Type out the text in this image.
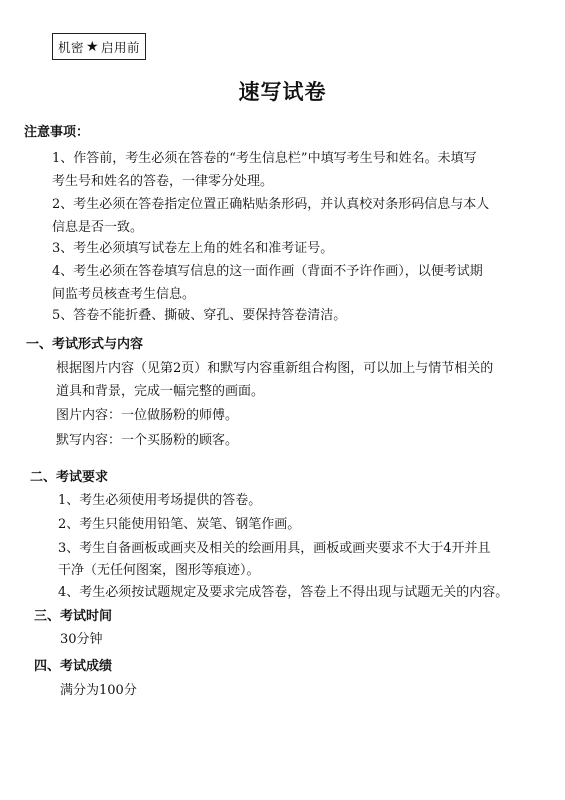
机密 ★ 启用前
速写试卷
注意事项：
1、作答前，考生必须在答卷的“考生信息栏”中填写考生号和姓名。未填写
考生号和姓名的答卷，一律零分处理。
2、考生必须在答卷指定位置正确粘贴条形码，并认真校对条形码信息与本人
信息是否一致。
3、考生必须填写试卷左上角的姓名和准考证号。
4、考生必须在答卷填写信息的这一面作画（背面不予许作画），以便考试期
间监考员核查考生信息。
5、答卷不能折叠、撕破、穿孔、要保持答卷清洁。
一、考试形式与内容
根据图片内容（见第2页）和默写内容重新组合构图，可以加上与情节相关的
道具和背景，完成一幅完整的画面。
图片内容：一位做肠粉的师傅。
默写内容：一个买肠粉的顾客。
二、考试要求
1、考生必须使用考场提供的答卷。
2、考生只能使用铅笔、炭笔、钢笔作画。
3、考生自备画板或画夹及相关的绘画用具，画板或画夹要求不大于4开并且
干净（无任何图案，图形等痕迹）。
4、考生必须按试题规定及要求完成答卷，答卷上不得出现与试题无关的内容。
三、考试时间
30分钟
四、考试成绩
满分为100分
